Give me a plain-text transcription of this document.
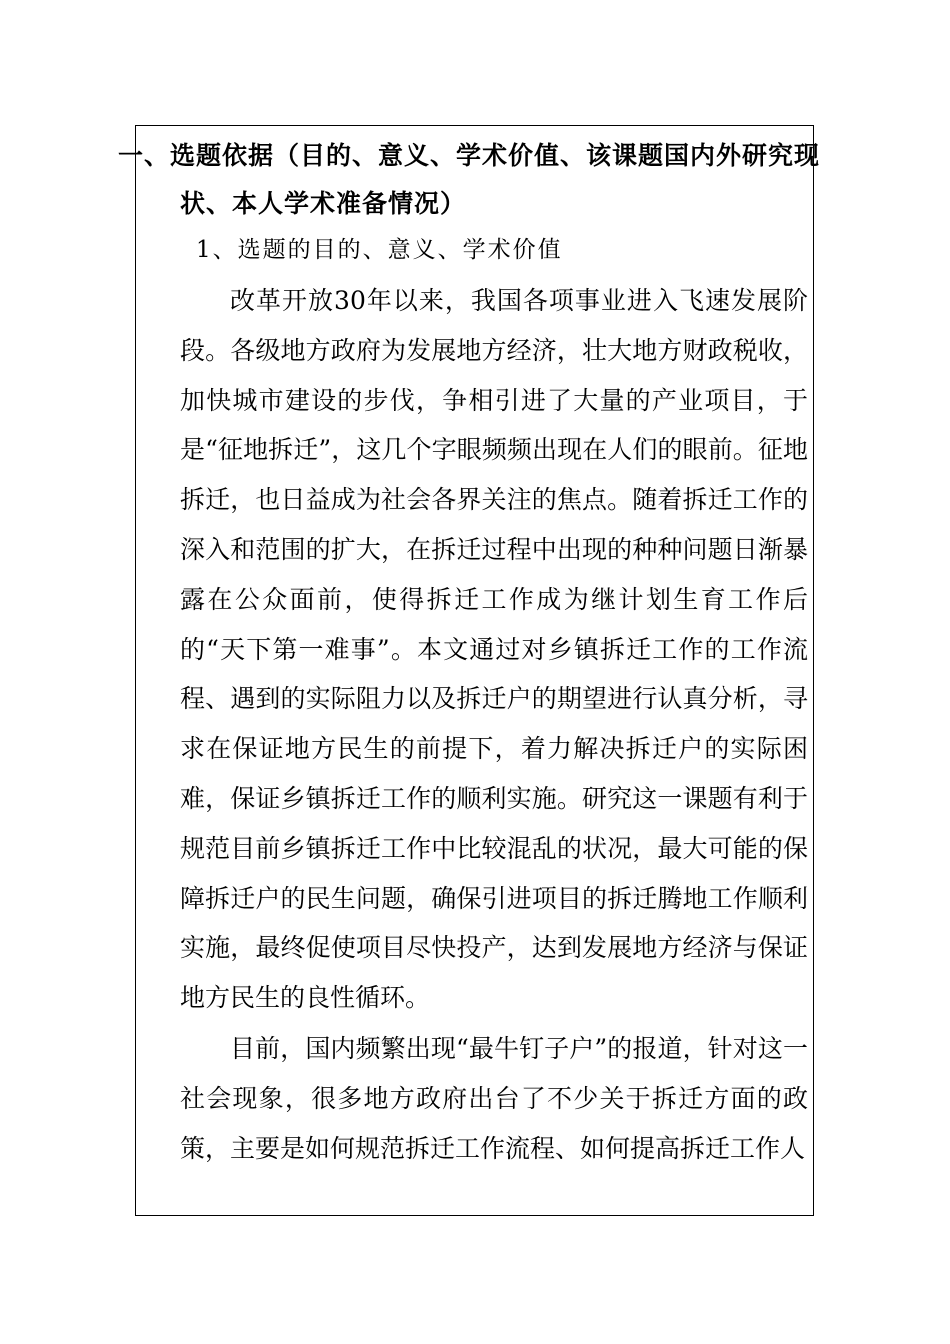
一、选题依据（目的、意义、学术价值、该课题国内外研究现
状、本人学术准备情况）
1、选题的目的、意义、学术价值

改革开放30年以来，我国各项事业进入飞速发展阶段。各级地方政府为发展地方经济，壮大地方财政税收，加快城市建设的步伐，争相引进了大量的产业项目，于是“征地拆迁”，这几个字眼频频出现在人们的眼前。征地拆迁，也日益成为社会各界关注的焦点。随着拆迁工作的深入和范围的扩大，在拆迁过程中出现的种种问题日渐暴露在公众面前，使得拆迁工作成为继计划生育工作后的“天下第一难事”。本文通过对乡镇拆迁工作的工作流程、遇到的实际阻力以及拆迁户的期望进行认真分析，寻求在保证地方民生的前提下，着力解决拆迁户的实际困难，保证乡镇拆迁工作的顺利实施。研究这一课题有利于规范目前乡镇拆迁工作中比较混乱的状况，最大可能的保障拆迁户的民生问题，确保引进项目的拆迁腾地工作顺利实施，最终促使项目尽快投产，达到发展地方经济与保证地方民生的良性循环。

目前，国内频繁出现“最牛钉子户”的报道，针对这一社会现象，很多地方政府出台了不少关于拆迁方面的政策，主要是如何规范拆迁工作流程、如何提高拆迁工作人
